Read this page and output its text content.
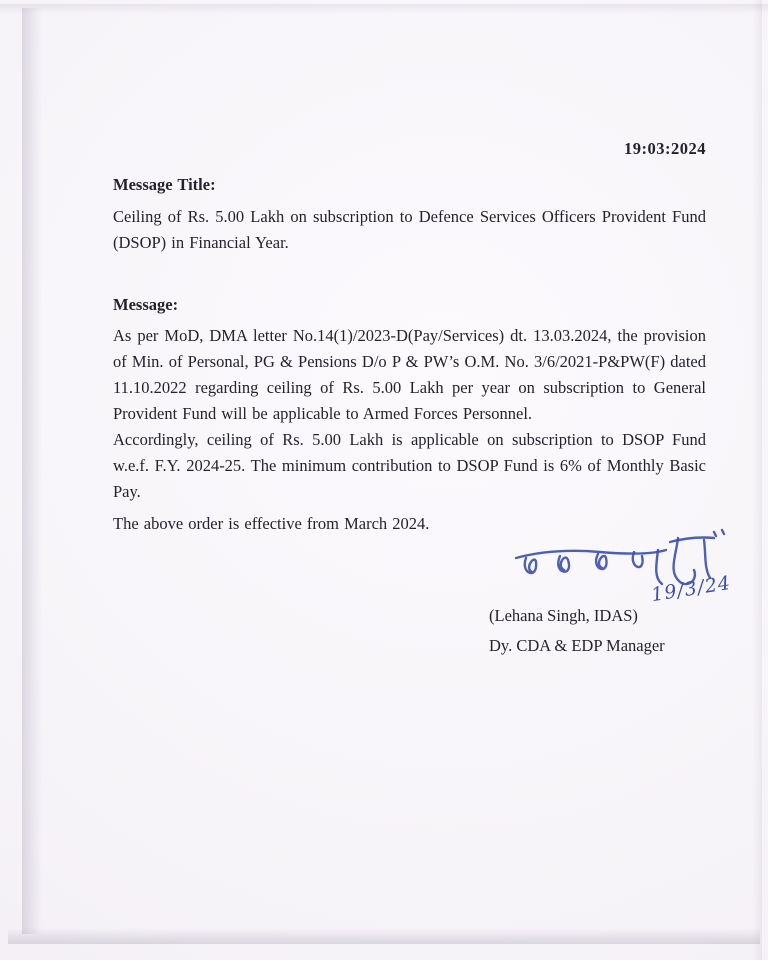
19:03:2024

Message Title:

Ceiling of Rs. 5.00 Lakh on subscription to Defence Services Officers Provident Fund (DSOP) in Financial Year.

Message:

As per MoD, DMA letter No.14(1)/2023-D(Pay/Services) dt. 13.03.2024, the provision of Min. of Personal, PG & Pensions D/o P & PW’s O.M. No. 3/6/2021-P&PW(F) dated 11.10.2022 regarding ceiling of Rs. 5.00 Lakh per year on subscription to General Provident Fund will be applicable to Armed Forces Personnel.

Accordingly, ceiling of Rs. 5.00 Lakh is applicable on subscription to DSOP Fund w.e.f. F.Y. 2024-25. The minimum contribution to DSOP Fund is 6% of Monthly Basic Pay.

The above order is effective from March 2024.

19/3/24
(Lehana Singh, IDAS)
Dy. CDA & EDP Manager
